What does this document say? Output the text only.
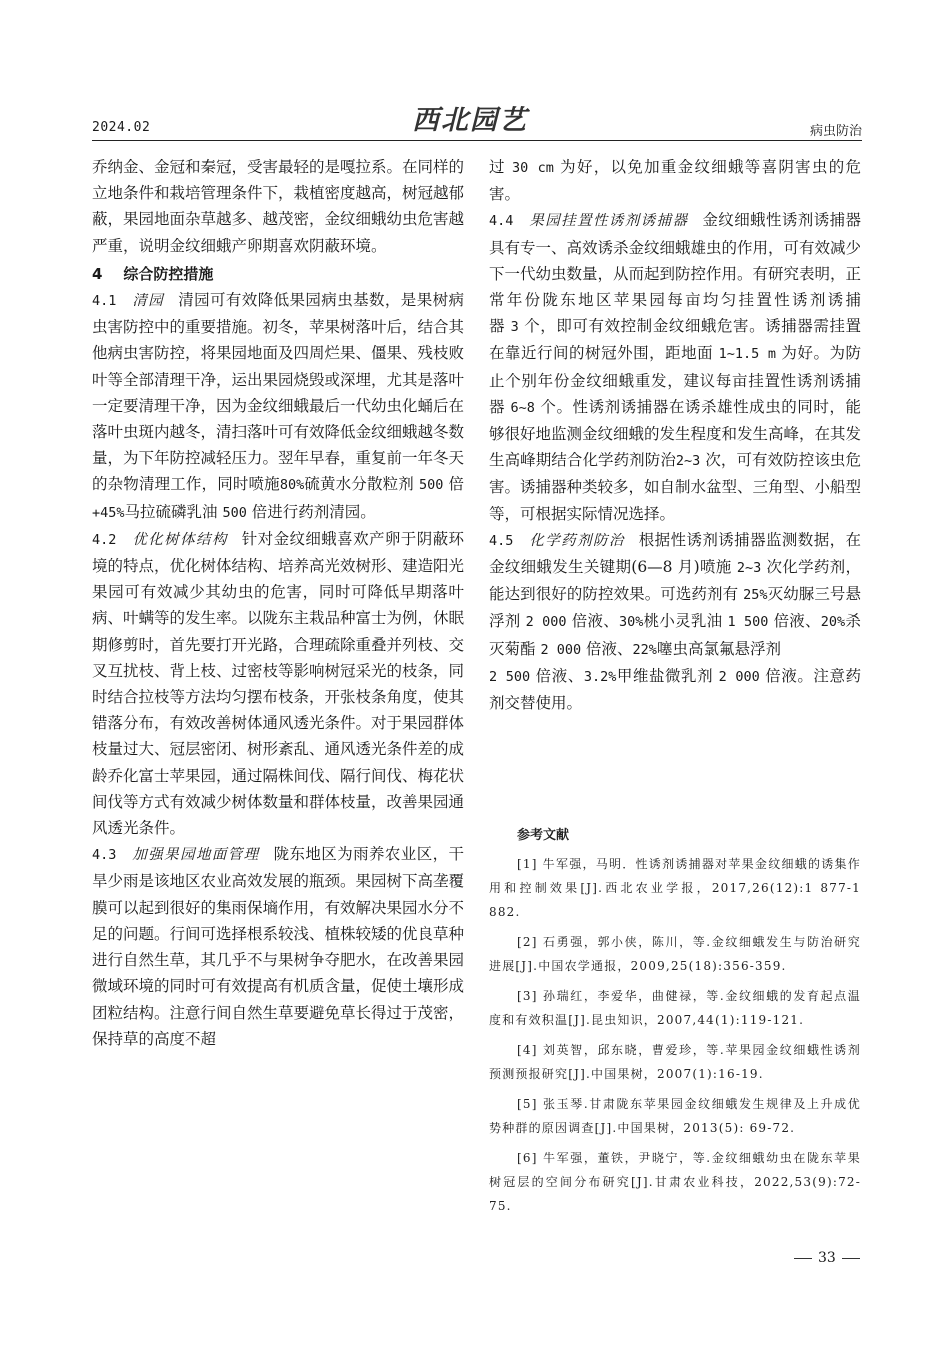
2024.02	西北园艺	病虫防治

乔纳金、金冠和秦冠，受害最轻的是嘎拉系。在同样的立地条件和栽培管理条件下，栽植密度越高，树冠越郁蔽，果园地面杂草越多、越茂密，金纹细蛾幼虫危害越严重，说明金纹细蛾产卵期喜欢阴蔽环境。

4 综合防控措施

4.1 清园 清园可有效降低果园病虫基数，是果树病虫害防控中的重要措施。初冬，苹果树落叶后，结合其他病虫害防控，将果园地面及四周烂果、僵果、残枝败叶等全部清理干净，运出果园烧毁或深埋，尤其是落叶一定要清理干净，因为金纹细蛾最后一代幼虫化蛹后在落叶虫斑内越冬，清扫落叶可有效降低金纹细蛾越冬数量，为下年防控减轻压力。翌年早春，重复前一年冬天的杂物清理工作，同时喷施80%硫黄水分散粒剂 500 倍+45%马拉硫磷乳油 500 倍进行药剂清园。

4.2 优化树体结构 针对金纹细蛾喜欢产卵于阴蔽环境的特点，优化树体结构、培养高光效树形、建造阳光果园可有效减少其幼虫的危害，同时可降低早期落叶病、叶螨等的发生率。以陇东主栽品种富士为例，休眠期修剪时，首先要打开光路，合理疏除重叠并列枝、交叉互扰枝、背上枝、过密枝等影响树冠采光的枝条，同时结合拉枝等方法均匀摆布枝条，开张枝条角度，使其错落分布，有效改善树体通风透光条件。对于果园群体枝量过大、冠层密闭、树形紊乱、通风透光条件差的成龄乔化富士苹果园，通过隔株间伐、隔行间伐、梅花状间伐等方式有效减少树体数量和群体枝量，改善果园通风透光条件。

4.3 加强果园地面管理 陇东地区为雨养农业区，干旱少雨是该地区农业高效发展的瓶颈。果园树下高垄覆膜可以起到很好的集雨保墒作用，有效解决果园水分不足的问题。行间可选择根系较浅、植株较矮的优良草种进行自然生草，其几乎不与果树争夺肥水，在改善果园微域环境的同时可有效提高有机质含量，促使土壤形成团粒结构。注意行间自然生草要避免草长得过于茂密，保持草的高度不超

过 30 cm 为好，以免加重金纹细蛾等喜阴害虫的危害。

4.4 果园挂置性诱剂诱捕器 金纹细蛾性诱剂诱捕器具有专一、高效诱杀金纹细蛾雄虫的作用，可有效减少下一代幼虫数量，从而起到防控作用。有研究表明，正常年份陇东地区苹果园每亩均匀挂置性诱剂诱捕器 3 个，即可有效控制金纹细蛾危害。诱捕器需挂置在靠近行间的树冠外围，距地面 1~1.5 m 为好。为防止个别年份金纹细蛾重发，建议每亩挂置性诱剂诱捕器 6~8 个。性诱剂诱捕器在诱杀雄性成虫的同时，能够很好地监测金纹细蛾的发生程度和发生高峰，在其发生高峰期结合化学药剂防治2~3 次，可有效防控该虫危害。诱捕器种类较多，如自制水盆型、三角型、小船型等，可根据实际情况选择。

4.5 化学药剂防治 根据性诱剂诱捕器监测数据，在金纹细蛾发生关键期(6—8 月)喷施 2~3 次化学药剂，能达到很好的防控效果。可选药剂有 25%灭幼脲三号悬浮剂 2 000 倍液、30%桃小灵乳油 1 500 倍液、20%杀灭菊酯 2 000 倍液、22%噻虫高氯氟悬浮剂
2 500 倍液、3.2%甲维盐微乳剂 2 000 倍液。注意药剂交替使用。

参考文献

[1] 牛军强，马明．性诱剂诱捕器对苹果金纹细蛾的诱集作用和控制效果[J].西北农业学报，2017,26(12):1 877-1 882.

[2] 石勇强，郭小侠，陈川，等.金纹细蛾发生与防治研究进展[J].中国农学通报，2009,25(18):356-359.

[3] 孙瑞红，李爱华，曲健禄，等.金纹细蛾的发育起点温度和有效积温[J].昆虫知识，2007,44(1):119-121.

[4] 刘英智，邱东晓，曹爱珍，等.苹果园金纹细蛾性诱剂预测预报研究[J].中国果树，2007(1):16-19.

[5] 张玉琴.甘肃陇东苹果园金纹细蛾发生规律及上升成优势种群的原因调查[J].中国果树，2013(5): 69-72.

[6] 牛军强，董铁，尹晓宁，等.金纹细蛾幼虫在陇东苹果树冠层的空间分布研究[J].甘肃农业科技，2022,53(9):72-75.

33
